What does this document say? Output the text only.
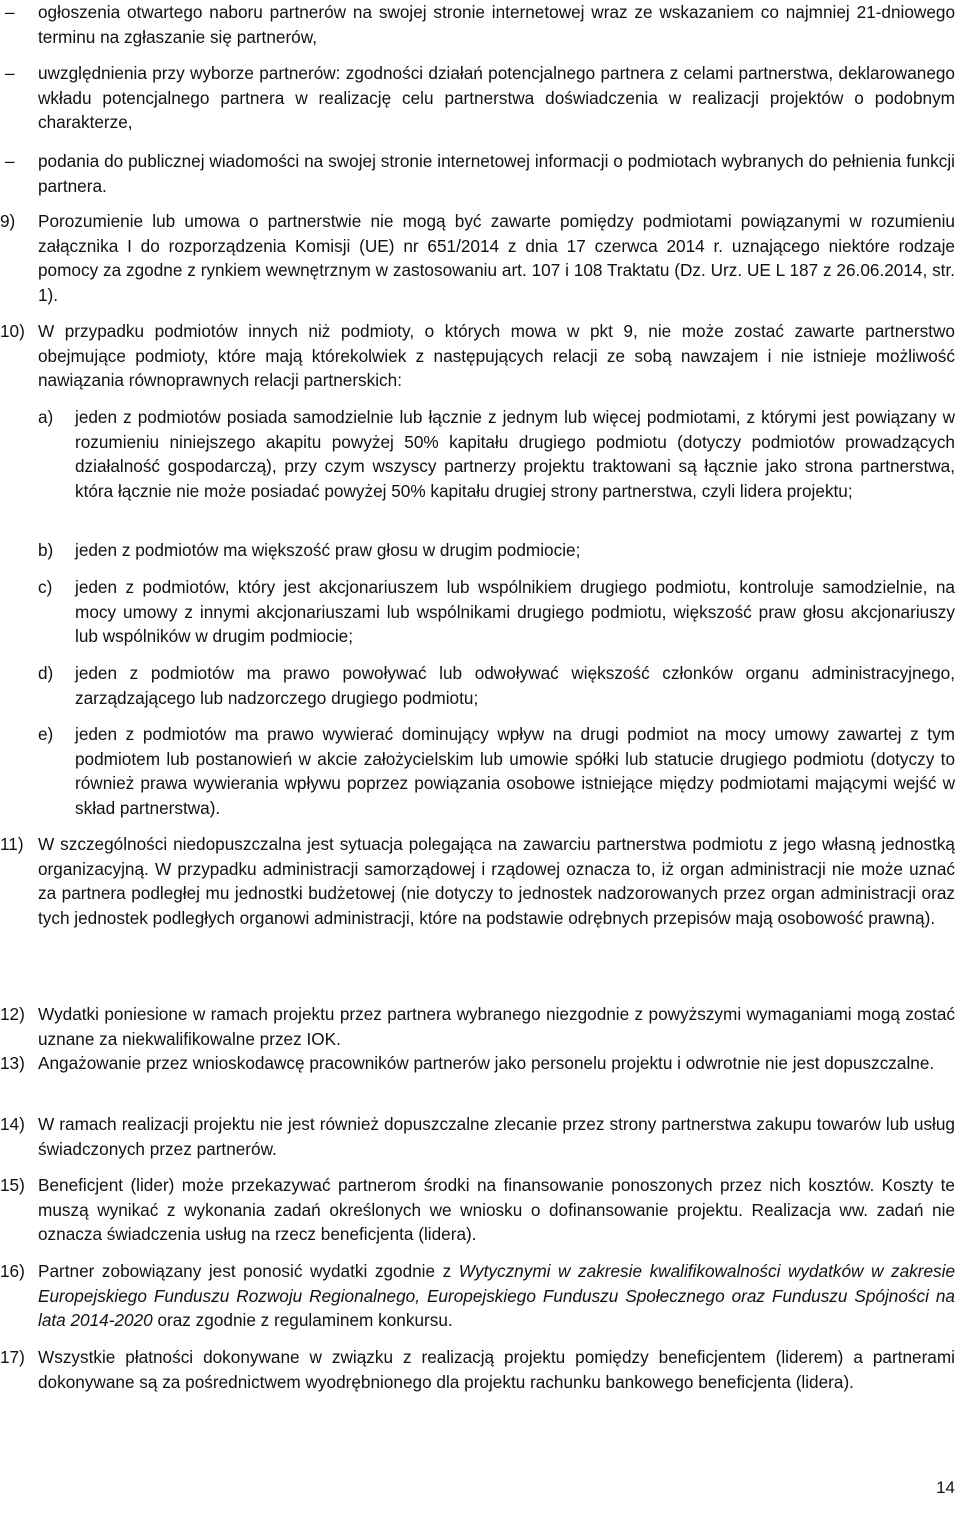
–	ogłoszenia otwartego naboru partnerów na swojej stronie internetowej wraz ze wskazaniem co najmniej 21-dniowego terminu na zgłaszanie się partnerów,
–	uwzględnienia przy wyborze partnerów: zgodności działań potencjalnego partnera z celami partnerstwa, deklarowanego wkładu potencjalnego partnera w realizację celu partnerstwa doświadczenia w realizacji projektów o podobnym charakterze,
–	podania do publicznej wiadomości na swojej stronie internetowej informacji o podmiotach wybranych do pełnienia funkcji partnera.
9) Porozumienie lub umowa o partnerstwie nie mogą być zawarte pomiędzy podmiotami powiązanymi w rozumieniu załącznika I do rozporządzenia Komisji (UE) nr 651/2014 z dnia 17 czerwca 2014 r. uznającego niektóre rodzaje pomocy za zgodne z rynkiem wewnętrznym w zastosowaniu art. 107 i 108 Traktatu (Dz. Urz. UE L 187 z 26.06.2014, str. 1).
10) W przypadku podmiotów innych niż podmioty, o których mowa w pkt 9, nie może zostać zawarte partnerstwo obejmujące podmioty, które mają którekolwiek z następujących relacji ze sobą nawzajem i nie istnieje możliwość nawiązania równoprawnych relacji partnerskich:
a) jeden z podmiotów posiada samodzielnie lub łącznie z jednym lub więcej podmiotami, z którymi jest powiązany w rozumieniu niniejszego akapitu powyżej 50% kapitału drugiego podmiotu (dotyczy podmiotów prowadzących działalność gospodarczą), przy czym wszyscy partnerzy projektu traktowani są łącznie jako strona partnerstwa, która łącznie nie może posiadać powyżej 50% kapitału drugiej strony partnerstwa, czyli lidera projektu;
b) jeden z podmiotów ma większość praw głosu w drugim podmiocie;
c) jeden z podmiotów, który jest akcjonariuszem lub wspólnikiem drugiego podmiotu, kontroluje samodzielnie, na mocy umowy z innymi akcjonariuszami lub wspólnikami drugiego podmiotu, większość praw głosu akcjonariuszy lub wspólników w drugim podmiocie;
d) jeden z podmiotów ma prawo powoływać lub odwoływać większość członków organu administracyjnego, zarządzającego lub nadzorczego drugiego podmiotu;
e) jeden z podmiotów ma prawo wywierać dominujący wpływ na drugi podmiot na mocy umowy zawartej z tym podmiotem lub postanowień w akcie założycielskim lub umowie spółki lub statucie drugiego podmiotu (dotyczy to również prawa wywierania wpływu poprzez powiązania osobowe istniejące między podmiotami mającymi wejść w skład partnerstwa).
11) W szczególności niedopuszczalna jest sytuacja polegająca na zawarciu partnerstwa podmiotu z jego własną jednostką organizacyjną. W przypadku administracji samorządowej i rządowej oznacza to, iż organ administracji nie może uznać za partnera podległej mu jednostki budżetowej (nie dotyczy to jednostek nadzorowanych przez organ administracji oraz tych jednostek podległych organowi administracji, które na podstawie odrębnych przepisów mają osobowość prawną).
12) Wydatki poniesione w ramach projektu przez partnera wybranego niezgodnie z powyższymi wymaganiami mogą zostać uznane za niekwalifikowalne przez IOK.
13) Angażowanie przez wnioskodawcę pracowników partnerów jako personelu projektu i odwrotnie nie jest dopuszczalne.
14) W ramach realizacji projektu nie jest również dopuszczalne zlecanie przez strony partnerstwa zakupu towarów lub usług świadczonych przez partnerów.
15) Beneficjent (lider) może przekazywać partnerom środki na finansowanie ponoszonych przez nich kosztów. Koszty te muszą wynikać z wykonania zadań określonych we wniosku o dofinansowanie projektu. Realizacja ww. zadań nie oznacza świadczenia usług na rzecz beneficjenta (lidera).
16) Partner zobowiązany jest ponosić wydatki zgodnie z Wytycznymi w zakresie kwalifikowalności wydatków w zakresie Europejskiego Funduszu Rozwoju Regionalnego, Europejskiego Funduszu Społecznego oraz Funduszu Spójności na lata 2014-2020 oraz zgodnie z regulaminem konkursu.
17) Wszystkie płatności dokonywane w związku z realizacją projektu pomiędzy beneficjentem (liderem) a partnerami dokonywane są za pośrednictwem wyodrębnionego dla projektu rachunku bankowego beneficjenta (lidera).
14
